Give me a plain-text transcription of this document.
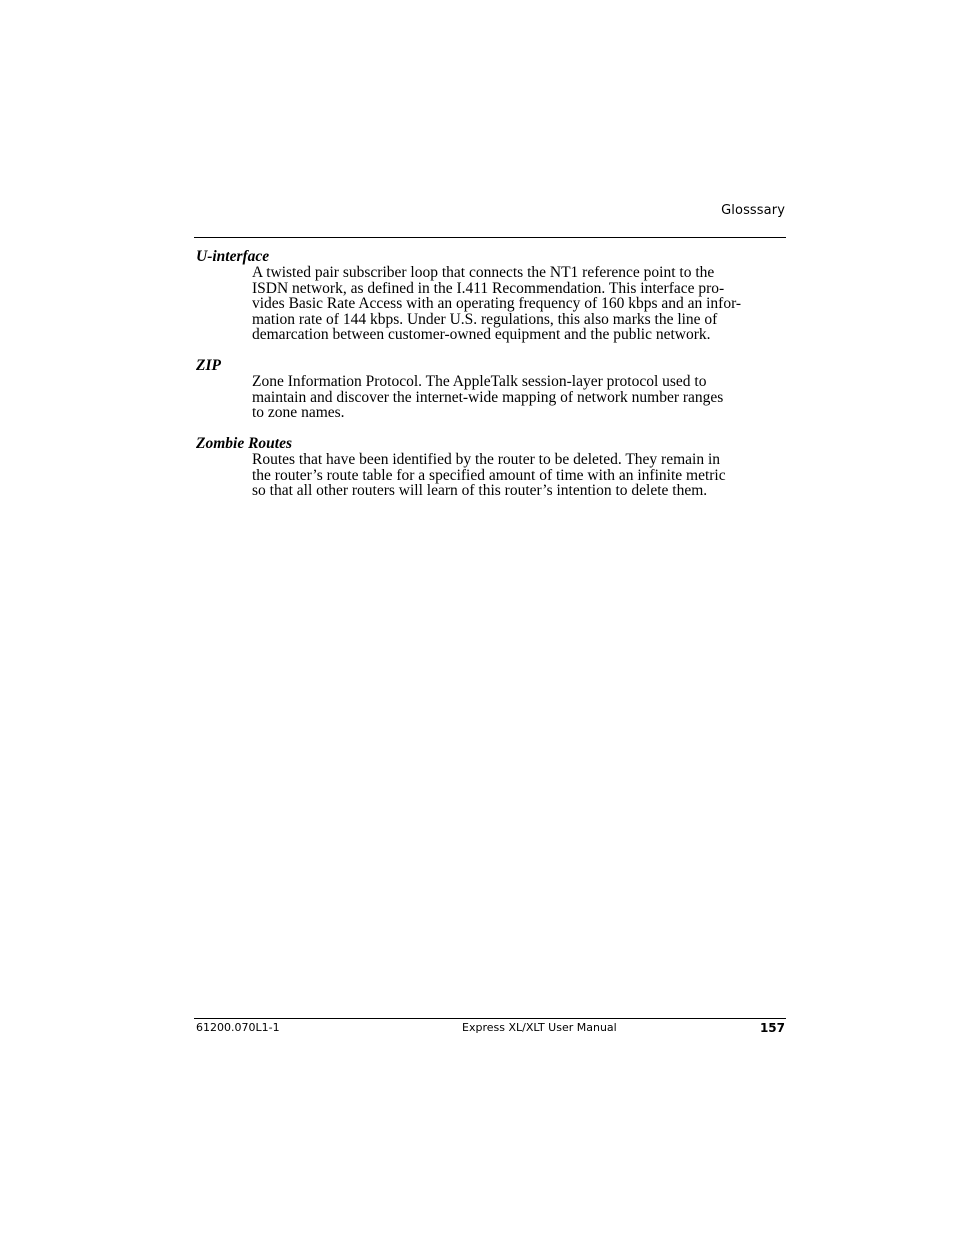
Glosssary

U-interface

A twisted pair subscriber loop that connects the NT1 reference point to the
ISDN network, as defined in the I.411 Recommendation. This interface pro-
vides Basic Rate Access with an operating frequency of 160 kbps and an infor-
mation rate of 144 kbps. Under U.S. regulations, this also marks the line of
demarcation between customer-owned equipment and the public network.

ZIP

Zone Information Protocol. The AppleTalk session-layer protocol used to
maintain and discover the internet-wide mapping of network number ranges
to zone names.

Zombie Routes

Routes that have been identified by the router to be deleted. They remain in
the router’s route table for a specified amount of time with an infinite metric
so that all other routers will learn of this router’s intention to delete them.
61200.070L1-1	Express XL/XLT User Manual	157
